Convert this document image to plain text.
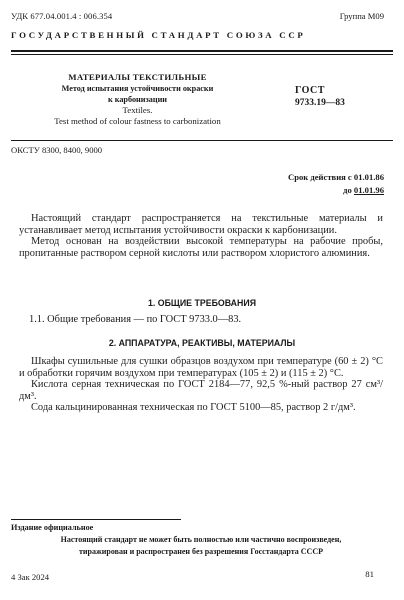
УДК 677.04.001.4 : 006.354	Группа М09
ГОСУДАРСТВЕННЫЙ СТАНДАРТ СОЮЗА ССР
МАТЕРИАЛЫ ТЕКСТИЛЬНЫЕ
Метод испытания устойчивости окраски
к карбонизации
Textiles.
Test method of colour fastness to carbonization
ГОСТ
9733.19—83
ОКСТУ 8300, 8400, 9000
Срок действия с 01.01.86
до 01.01.96

Настоящий стандарт распространяется на текстильные материалы и устанавливает метод испытания устойчивости окраски к карбонизации.

Метод основан на воздействии высокой температуры на рабочие пробы, пропитанные раствором серной кислоты или раствором хлористого алюминия.

1. ОБЩИЕ ТРЕБОВАНИЯ
1.1. Общие требования — по ГОСТ 9733.0—83.
2. АППАРАТУРА, РЕАКТИВЫ, МАТЕРИАЛЫ

Шкафы сушильные для сушки образцов воздухом при температуре (60 ± 2) °С и обработки горячим воздухом при температурах (105 ± 2) и (115 ± 2) °С.

Кислота серная техническая по ГОСТ 2184—77, 92,5 %-ный раствор 27 см³/дм³.

Сода кальцинированная техническая по ГОСТ 5100—85, раствор 2 г/дм³.

Издание официальное
Настоящий стандарт не может быть полностью или частично воспроизведен,
тиражирован и распространен без разрешения Госстандарта СССР
4 Зак 2024	81
